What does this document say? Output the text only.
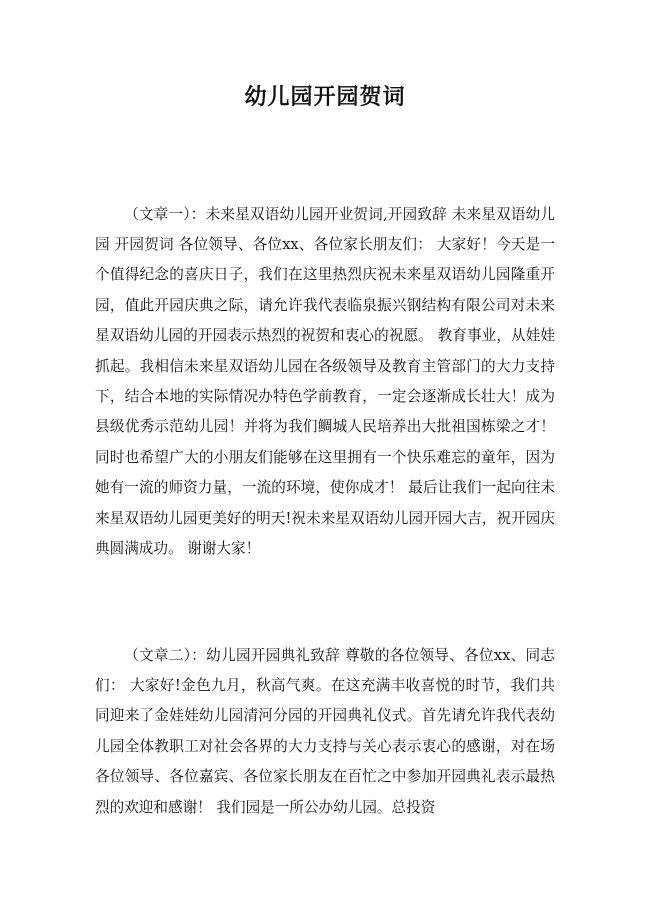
幼儿园开园贺词

（文章一）：未来星双语幼儿园开业贺词,开园致辞 未来星双语幼儿园 开园贺词 各位领导、各位xx、各位家长朋友们： 大家好！今天是一个值得纪念的喜庆日子，我们在这里热烈庆祝未来星双语幼儿园隆重开园，值此开园庆典之际，请允许我代表临泉振兴钢结构有限公司对未来星双语幼儿园的开园表示热烈的祝贺和衷心的祝愿。 教育事业，从娃娃抓起。我相信未来星双语幼儿园在各级领导及教育主管部门的大力支持下，结合本地的实际情况办特色学前教育，一定会逐渐成长壮大！成为县级优秀示范幼儿园！并将为我们鲷城人民培养出大批祖国栋梁之才！ 同时也希望广大的小朋友们能够在这里拥有一个快乐难忘的童年，因为她有一流的师资力量，一流的环境，使你成才！ 最后让我们一起向往未来星双语幼儿园更美好的明天!祝未来星双语幼儿园开园大吉，祝开园庆典圆满成功。 谢谢大家！

（文章二）：幼儿园开园典礼致辞 尊敬的各位领导、各位xx、同志们： 大家好!金色九月，秋高气爽。在这充满丰收喜悦的时节，我们共同迎来了金娃娃幼儿园清河分园的开园典礼仪式。首先请允许我代表幼儿园全体教职工对社会各界的大力支持与关心表示衷心的感谢，对在场各位领导、各位嘉宾、各位家长朋友在百忙之中参加开园典礼表示最热烈的欢迎和感谢！ 我们园是一所公办幼儿园。总投资
